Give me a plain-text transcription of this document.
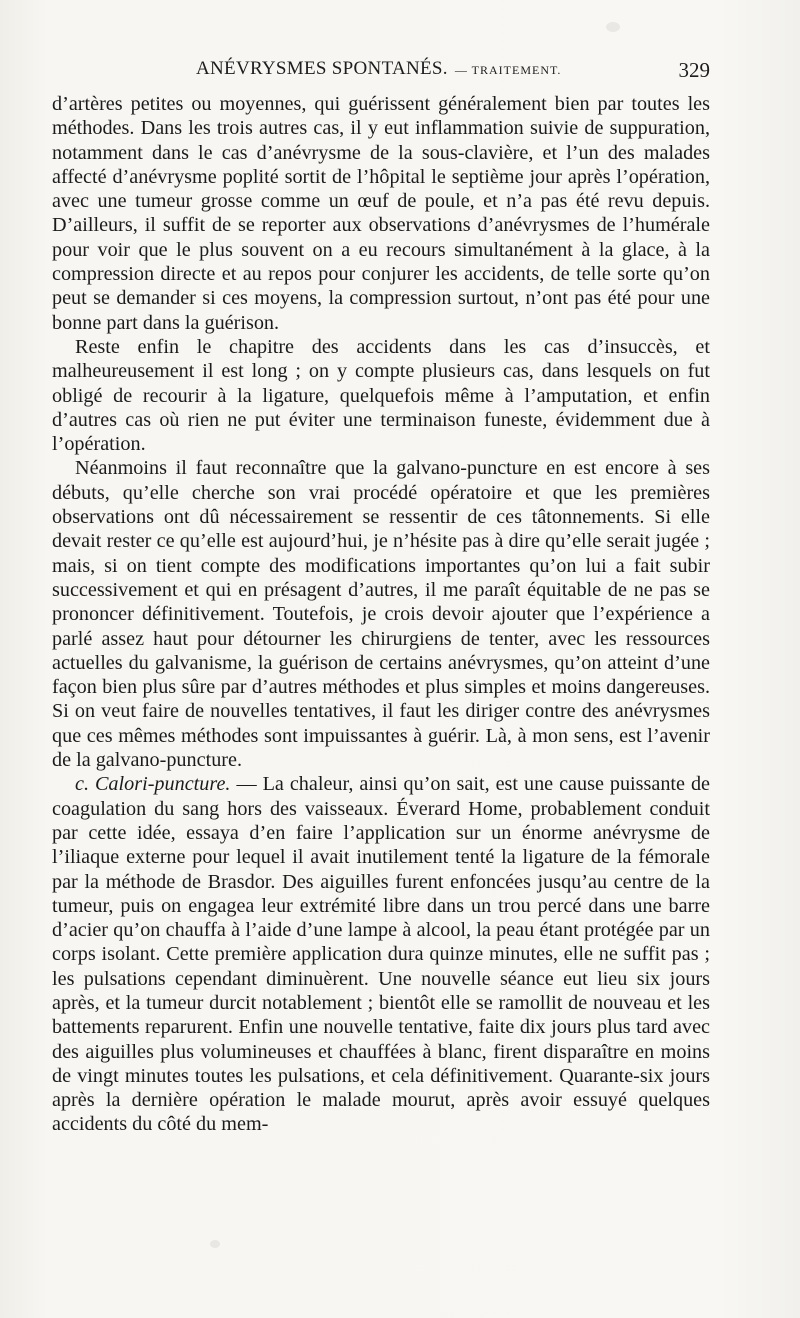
ANÉVRYSMES SPONTANÉS. — TRAITEMENT.	329

d’artères petites ou moyennes, qui guérissent généralement bien par toutes les méthodes. Dans les trois autres cas, il y eut inflammation suivie de suppuration, notamment dans le cas d’anévrysme de la sous-clavière, et l’un des malades affecté d’anévrysme poplité sortit de l’hôpital le septième jour après l’opération, avec une tumeur grosse comme un œuf de poule, et n’a pas été revu depuis. D’ailleurs, il suffit de se reporter aux observations d’anévrysmes de l’humérale pour voir que le plus souvent on a eu recours simultanément à la glace, à la compression directe et au repos pour conjurer les accidents, de telle sorte qu’on peut se demander si ces moyens, la compression surtout, n’ont pas été pour une bonne part dans la guérison.

Reste enfin le chapitre des accidents dans les cas d’insuccès, et malheureusement il est long ; on y compte plusieurs cas, dans lesquels on fut obligé de recourir à la ligature, quelquefois même à l’amputation, et enfin d’autres cas où rien ne put éviter une terminaison funeste, évidemment due à l’opération.

Néanmoins il faut reconnaître que la galvano-puncture en est encore à ses débuts, qu’elle cherche son vrai procédé opératoire et que les premières observations ont dû nécessairement se ressentir de ces tâtonnements. Si elle devait rester ce qu’elle est aujourd’hui, je n’hésite pas à dire qu’elle serait jugée ; mais, si on tient compte des modifications importantes qu’on lui a fait subir successivement et qui en présagent d’autres, il me paraît équitable de ne pas se prononcer définitivement. Toutefois, je crois devoir ajouter que l’expérience a parlé assez haut pour détourner les chirurgiens de tenter, avec les ressources actuelles du galvanisme, la guérison de certains anévrysmes, qu’on atteint d’une façon bien plus sûre par d’autres méthodes et plus simples et moins dangereuses. Si on veut faire de nouvelles tentatives, il faut les diriger contre des anévrysmes que ces mêmes méthodes sont impuissantes à guérir. Là, à mon sens, est l’avenir de la galvano-puncture.

c. Calori-puncture. — La chaleur, ainsi qu’on sait, est une cause puissante de coagulation du sang hors des vaisseaux. Éverard Home, probablement conduit par cette idée, essaya d’en faire l’application sur un énorme anévrysme de l’iliaque externe pour lequel il avait inutilement tenté la ligature de la fémorale par la méthode de Brasdor. Des aiguilles furent enfoncées jusqu’au centre de la tumeur, puis on engagea leur extrémité libre dans un trou percé dans une barre d’acier qu’on chauffa à l’aide d’une lampe à alcool, la peau étant protégée par un corps isolant. Cette première application dura quinze minutes, elle ne suffit pas ; les pulsations cependant diminuèrent. Une nouvelle séance eut lieu six jours après, et la tumeur durcit notablement ; bientôt elle se ramollit de nouveau et les battements reparurent. Enfin une nouvelle tentative, faite dix jours plus tard avec des aiguilles plus volumineuses et chauffées à blanc, firent disparaître en moins de vingt minutes toutes les pulsations, et cela définitivement. Quarante-six jours après la dernière opération le malade mourut, après avoir essuyé quelques accidents du côté du mem-
